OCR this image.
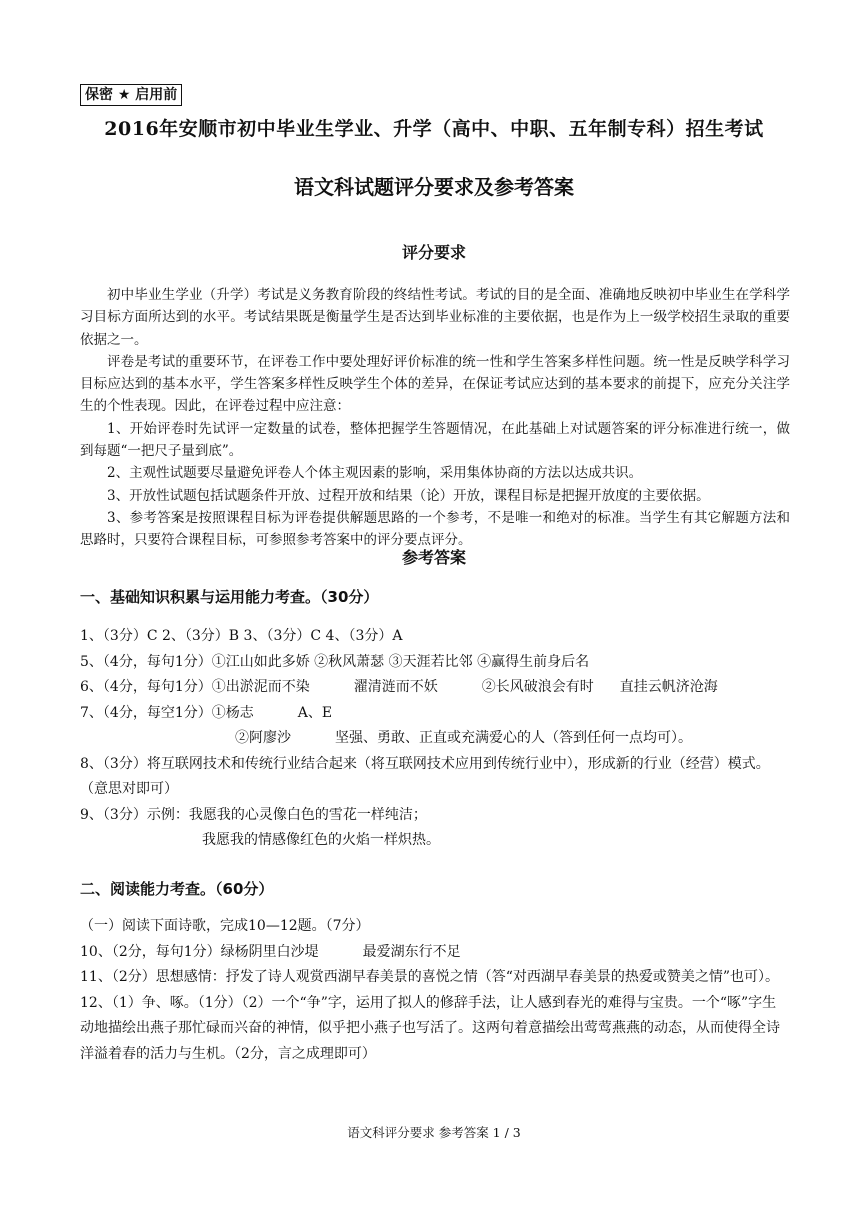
保密 ★ 启用前
2016年安顺市初中毕业生学业、升学（高中、中职、五年制专科）招生考试
语文科试题评分要求及参考答案
评分要求

初中毕业生学业（升学）考试是义务教育阶段的终结性考试。考试的目的是全面、准确地反映初中毕业生在学科学习目标方面所达到的水平。考试结果既是衡量学生是否达到毕业标准的主要依据，也是作为上一级学校招生录取的重要依据之一。

评卷是考试的重要环节，在评卷工作中要处理好评价标准的统一性和学生答案多样性问题。统一性是反映学科学习目标应达到的基本水平，学生答案多样性反映学生个体的差异，在保证考试应达到的基本要求的前提下，应充分关注学生的个性表现。因此，在评卷过程中应注意：

1、开始评卷时先试评一定数量的试卷，整体把握学生答题情况，在此基础上对试题答案的评分标准进行统一，做到每题“一把尺子量到底”。

2、主观性试题要尽量避免评卷人个体主观因素的影响，采用集体协商的方法以达成共识。

3、开放性试题包括试题条件开放、过程开放和结果（论）开放，课程目标是把握开放度的主要依据。

3、参考答案是按照课程目标为评卷提供解题思路的一个参考，不是唯一和绝对的标准。当学生有其它解题方法和思路时，只要符合课程目标，可参照参考答案中的评分要点评分。

参考答案
一、基础知识积累与运用能力考查。（30分）

1、（3分）C 2、（3分）B 3、（3分）C 4、（3分）A

5、（4分，每句1分）①江山如此多娇 ②秋风萧瑟 ③天涯若比邻 ④赢得生前身后名

6、（4分，每句1分）①出淤泥而不染	濯清涟而不妖	②长风破浪会有时 直挂云帆济沧海

7、（4分，每空1分）①杨志	A、E

②阿廖沙	坚强、勇敢、正直或充满爱心的人（答到任何一点均可）。

8、（3分）将互联网技术和传统行业结合起来（将互联网技术应用到传统行业中），形成新的行业（经营）模式。（意思对即可）

9、（3分）示例：我愿我的心灵像白色的雪花一样纯洁；

我愿我的情感像红色的火焰一样炽热。

二、阅读能力考查。（60分）

（一）阅读下面诗歌，完成10—12题。（7分）

10、（2分，每句1分）绿杨阴里白沙堤	最爱湖东行不足

11、（2分）思想感情：抒发了诗人观赏西湖早春美景的喜悦之情（答“对西湖早春美景的热爱或赞美之情”也可）。

12、（1）争、啄。（1分）（2）一个“争”字，运用了拟人的修辞手法，让人感到春光的难得与宝贵。一个“啄”字生动地描绘出燕子那忙碌而兴奋的神情，似乎把小燕子也写活了。这两句着意描绘出莺莺燕燕的动态，从而使得全诗洋溢着春的活力与生机。（2分，言之成理即可）

语文科评分要求 参考答案 1 / 3
